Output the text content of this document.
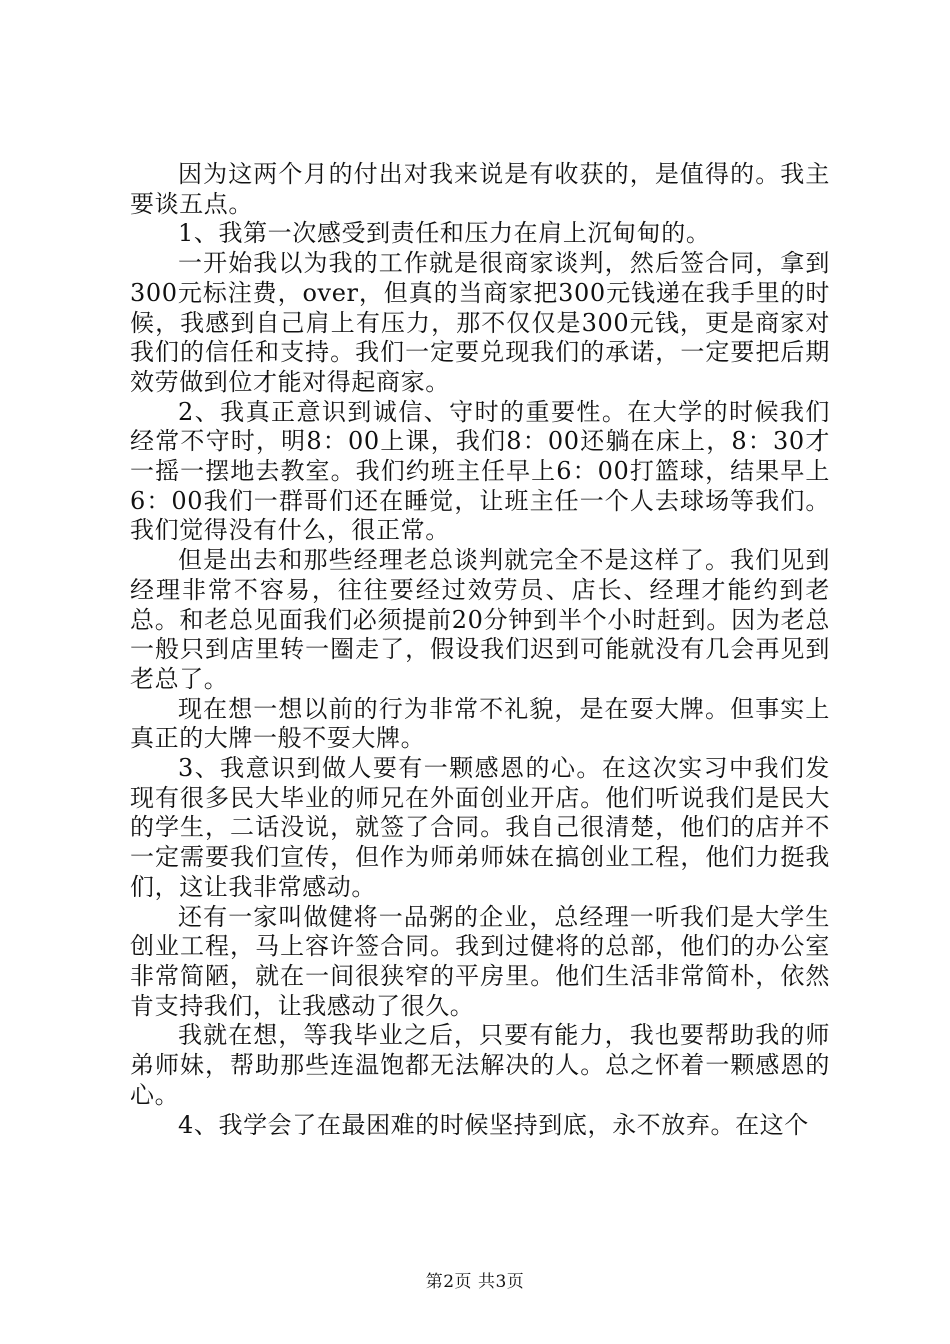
因为这两个月的付出对我来说是有收获的，是值得的。我主要谈五点。

1、我第一次感受到责任和压力在肩上沉甸甸的。

一开始我以为我的工作就是很商家谈判，然后签合同，拿到300元标注费，over，但真的当商家把300元钱递在我手里的时候，我感到自己肩上有压力，那不仅仅是300元钱，更是商家对我们的信任和支持。我们一定要兑现我们的承诺，一定要把后期效劳做到位才能对得起商家。

2、我真正意识到诚信、守时的重要性。在大学的时候我们经常不守时，明8：00上课，我们8：00还躺在床上，8：30才一摇一摆地去教室。我们约班主任早上6：00打篮球，结果早上6：00我们一群哥们还在睡觉，让班主任一个人去球场等我们。我们觉得没有什么，很正常。

但是出去和那些经理老总谈判就完全不是这样了。我们见到经理非常不容易，往往要经过效劳员、店长、经理才能约到老总。和老总见面我们必须提前20分钟到半个小时赶到。因为老总一般只到店里转一圈走了，假设我们迟到可能就没有几会再见到老总了。

现在想一想以前的行为非常不礼貌，是在耍大牌。但事实上真正的大牌一般不耍大牌。

3、我意识到做人要有一颗感恩的心。在这次实习中我们发现有很多民大毕业的师兄在外面创业开店。他们听说我们是民大的学生，二话没说，就签了合同。我自己很清楚，他们的店并不一定需要我们宣传，但作为师弟师妹在搞创业工程，他们力挺我们，这让我非常感动。

还有一家叫做健将一品粥的企业，总经理一听我们是大学生创业工程，马上容许签合同。我到过健将的总部，他们的办公室非常简陋，就在一间很狭窄的平房里。他们生活非常简朴，依然肯支持我们，让我感动了很久。

我就在想，等我毕业之后，只要有能力，我也要帮助我的师弟师妹，帮助那些连温饱都无法解决的人。总之怀着一颗感恩的心。

4、我学会了在最困难的时候坚持到底，永不放弃。在这个

第2页 共3页
